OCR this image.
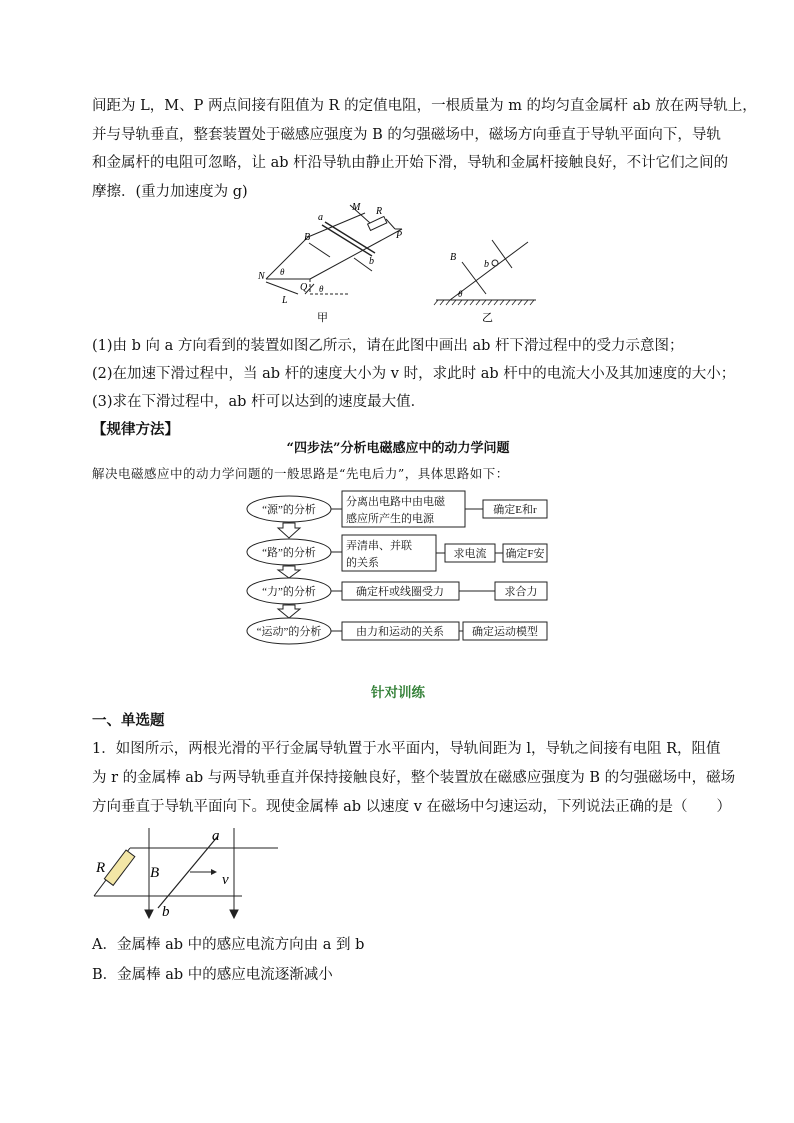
间距为 L，M、P 两点间接有阻值为 R 的定值电阻，一根质量为 m 的均匀直金属杆 ab 放在两导轨上，
并与导轨垂直，整套装置处于磁感应强度为 B 的匀强磁场中，磁场方向垂直于导轨平面向下，导轨
和金属杆的电阻可忽略，让 ab 杆沿导轨由静止开始下滑，导轨和金属杆接触良好，不计它们之间的
摩擦．(重力加速度为 g)
a
b
M R
P
B
N
Q
L
θ
θ
甲
B
b
θ
乙
(1)由 b 向 a 方向看到的装置如图乙所示，请在此图中画出 ab 杆下滑过程中的受力示意图；
(2)在加速下滑过程中，当 ab 杆的速度大小为 v 时，求此时 ab 杆中的电流大小及其加速度的大小；
(3)求在下滑过程中，ab 杆可以达到的速度最大值．
【规律方法】
“四步法”分析电磁感应中的动力学问题
解决电磁感应中的动力学问题的一般思路是“先电后力”，具体思路如下：
“源”的分析
“路”的分析
“力”的分析
“运动”的分析
分离出电路中由电磁
感应所产生的电源
确定E和r
弄清串、并联
的关系
求电流 确定F安
确定杆或线圈受力	求合力
由力和运动的关系	确定运动模型
针对训练
一、单选题
1．如图所示，两根光滑的平行金属导轨置于水平面内，导轨间距为 l，导轨之间接有电阻 R，阻值
为 r 的金属棒 ab 与两导轨垂直并保持接触良好，整个装置放在磁感应强度为 B 的匀强磁场中，磁场
方向垂直于导轨平面向下。现使金属棒 ab 以速度 v 在磁场中匀速运动，下列说法正确的是（　　）
R	B
a
b
v
A．金属棒 ab 中的感应电流方向由 a 到 b
B．金属棒 ab 中的感应电流逐渐减小
